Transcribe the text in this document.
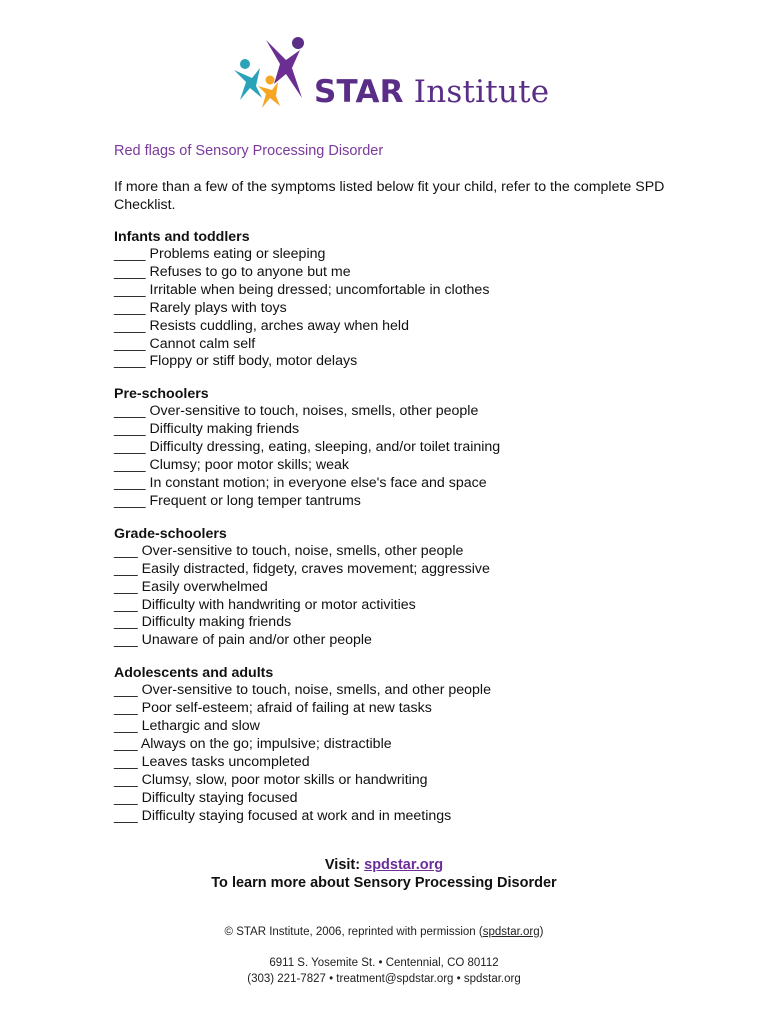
STAR Institute
Red flags of Sensory Processing Disorder
If more than a few of the symptoms listed below fit your child, refer to the complete SPD Checklist.
Infants and toddlers
____ Problems eating or sleeping
____ Refuses to go to anyone but me
____ Irritable when being dressed; uncomfortable in clothes
____ Rarely plays with toys
____ Resists cuddling, arches away when held
____ Cannot calm self
____ Floppy or stiff body, motor delays
Pre-schoolers
____ Over-sensitive to touch, noises, smells, other people
____ Difficulty making friends
____ Difficulty dressing, eating, sleeping, and/or toilet training
____ Clumsy; poor motor skills; weak
____ In constant motion; in everyone else's face and space
____ Frequent or long temper tantrums
Grade-schoolers
___ Over-sensitive to touch, noise, smells, other people
___ Easily distracted, fidgety, craves movement; aggressive
___ Easily overwhelmed
___ Difficulty with handwriting or motor activities
___ Difficulty making friends
___ Unaware of pain and/or other people
Adolescents and adults
___ Over-sensitive to touch, noise, smells, and other people
___ Poor self-esteem; afraid of failing at new tasks
___ Lethargic and slow
___ Always on the go; impulsive; distractible
___ Leaves tasks uncompleted
___ Clumsy, slow, poor motor skills or handwriting
___ Difficulty staying focused
___ Difficulty staying focused at work and in meetings
Visit: spdstar.org
To learn more about Sensory Processing Disorder
© STAR Institute, 2006, reprinted with permission (spdstar.org)
6911 S. Yosemite St. • Centennial, CO 80112
(303) 221-7827 • treatment@spdstar.org • spdstar.org
